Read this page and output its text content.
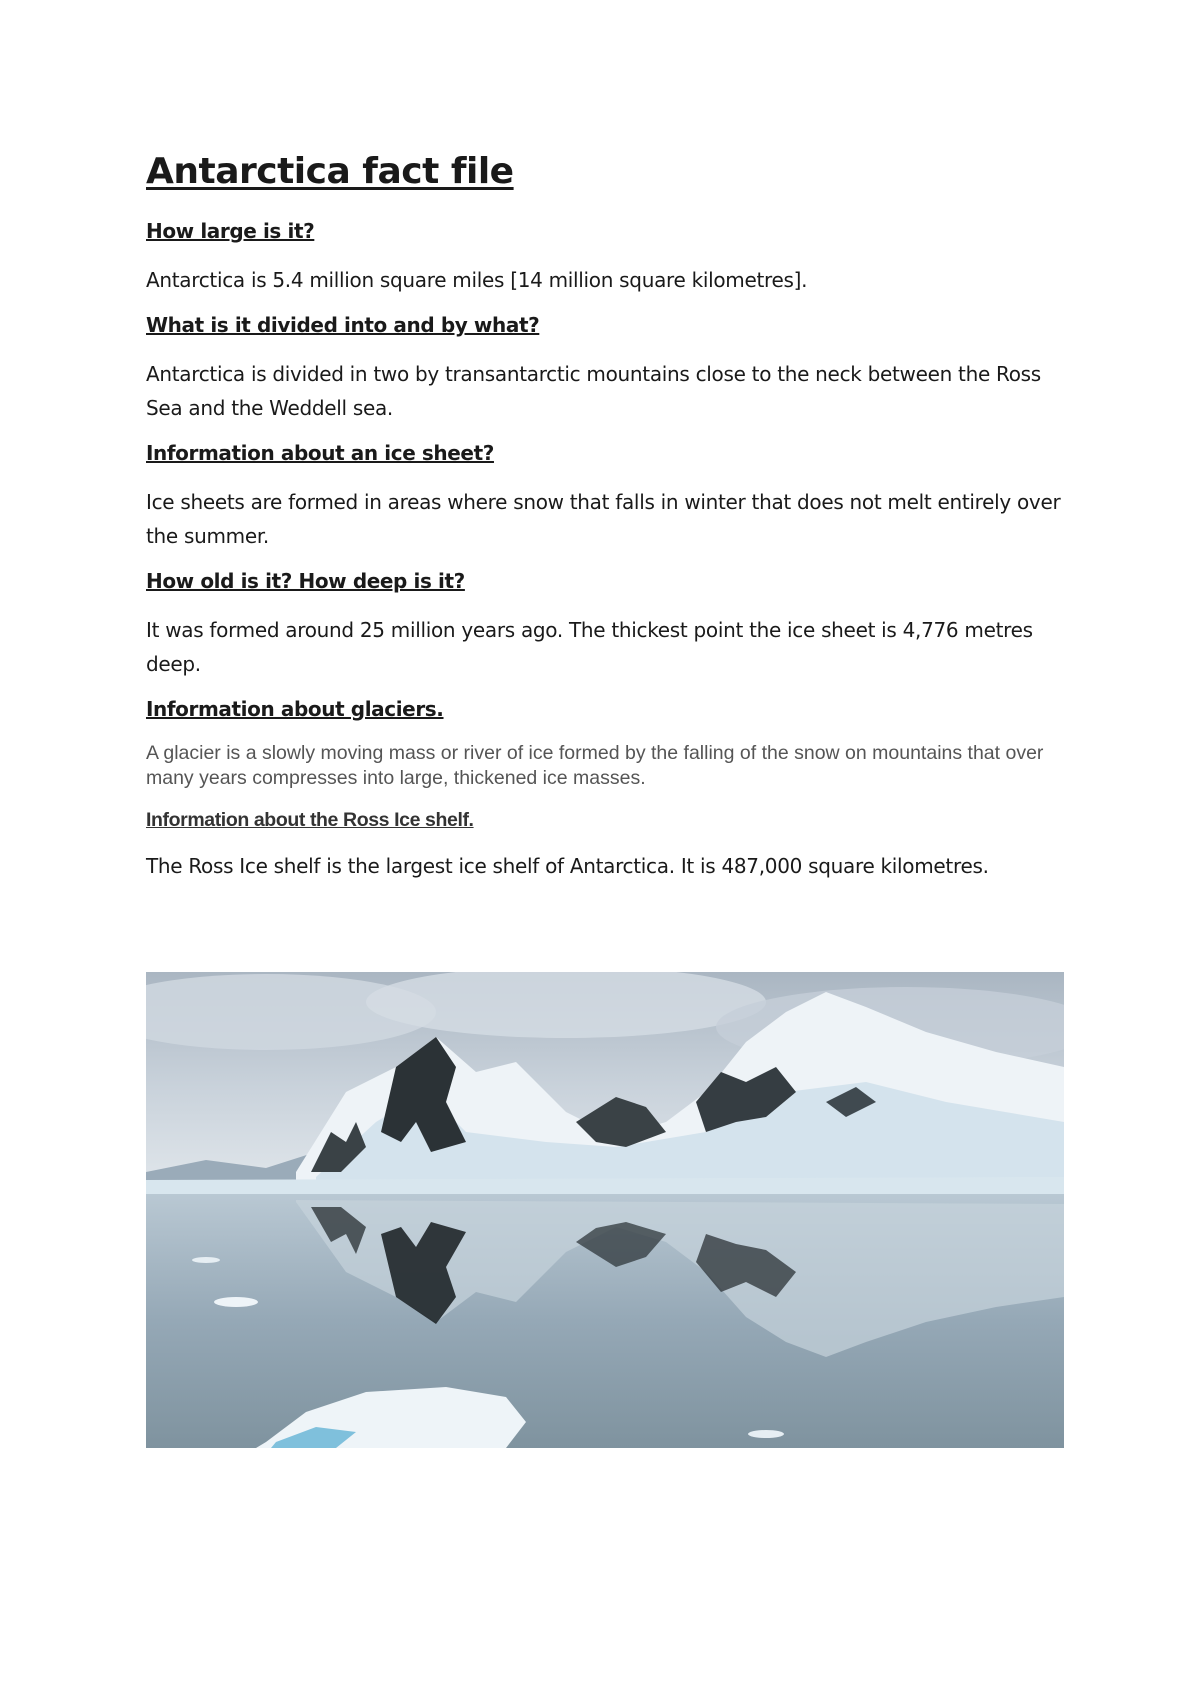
Antarctica fact file
How large is it?

Antarctica is 5.4 million square miles [14 million square kilometres].

What is it divided into and by what?

Antarctica is divided in two by transantarctic mountains close to the neck between the Ross Sea and the Weddell sea.

Information about an ice sheet?

Ice sheets are formed in areas where snow that falls in winter that does not melt entirely over the summer.

How old is it? How deep is it?

It was formed around 25 million years ago. The thickest point the ice sheet is 4,776 metres deep.

Information about glaciers.

A glacier is a slowly moving mass or river of ice formed by the falling of the snow on mountains that over many years compresses into large, thickened ice masses.

Information about the Ross Ice shelf.

The Ross Ice shelf is the largest ice shelf of Antarctica. It is 487,000 square kilometres.
